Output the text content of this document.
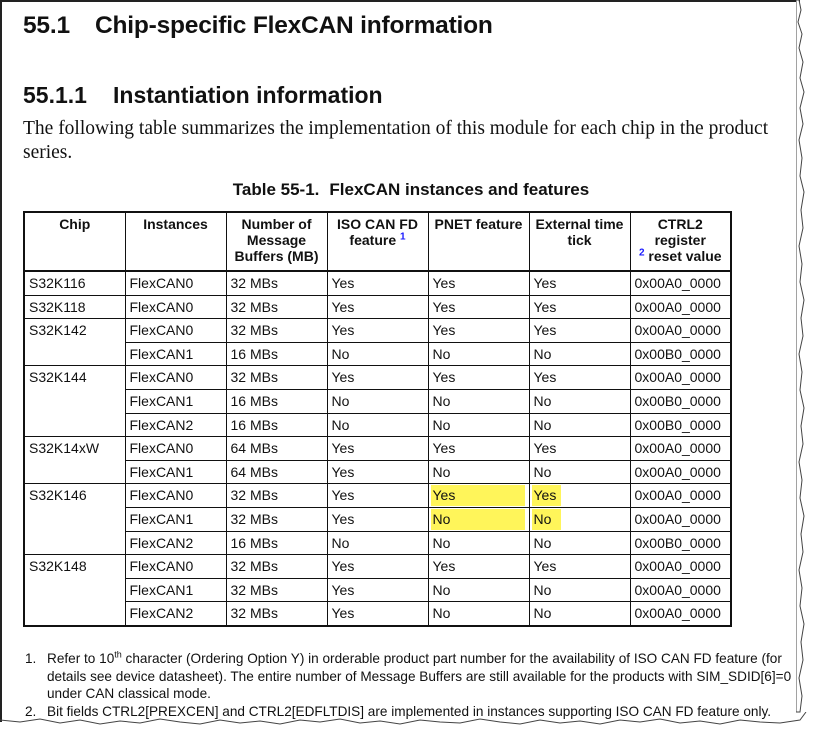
55.1 Chip-specific FlexCAN information
55.1.1 Instantiation information
The following table summarizes the implementation of this module for each chip in the product series.
Table 55-1. FlexCAN instances and features
Chip	Instances	Number of Message Buffers (MB)	ISO CAN FD feature $^1$	PNET feature	External time tick	CTRL2 register
$^2$ reset value
S32K116	FlexCAN0	32 MBs	Yes	Yes	Yes	0x00A0_0000
S32K118	FlexCAN0	32 MBs	Yes	Yes	Yes	0x00A0_0000
S32K142	FlexCAN0	32 MBs	Yes	Yes	Yes	0x00A0_0000
	FlexCAN1	16 MBs	No	No	No	0x00B0_0000
S32K144	FlexCAN0	32 MBs	Yes	Yes	Yes	0x00A0_0000
	FlexCAN1	16 MBs	No	No	No	0x00B0_0000
	FlexCAN2	16 MBs	No	No	No	0x00B0_0000
S32K14xW	FlexCAN0	64 MBs	Yes	Yes	Yes	0x00A0_0000
	FlexCAN1	64 MBs	Yes	No	No	0x00A0_0000
S32K146	FlexCAN0	32 MBs	Yes	Yes	Yes	0x00A0_0000
	FlexCAN1	32 MBs	Yes	No	No	0x00A0_0000
	FlexCAN2	16 MBs	No	No	No	0x00B0_0000
S32K148	FlexCAN0	32 MBs	Yes	Yes	Yes	0x00A0_0000
	FlexCAN1	32 MBs	Yes	No	No	0x00A0_0000
	FlexCAN2	32 MBs	Yes	No	No	0x00A0_0000
1. Refer to 10th character (Ordering Option Y) in orderable product part number for the availability of ISO CAN FD feature (for details see device datasheet). The entire number of Message Buffers are still available for the products with SIM_SDID[6]=0 under CAN classical mode.
2. Bit fields CTRL2[PREXCEN] and CTRL2[EDFLTDIS] are implemented in instances supporting ISO CAN FD feature only.
